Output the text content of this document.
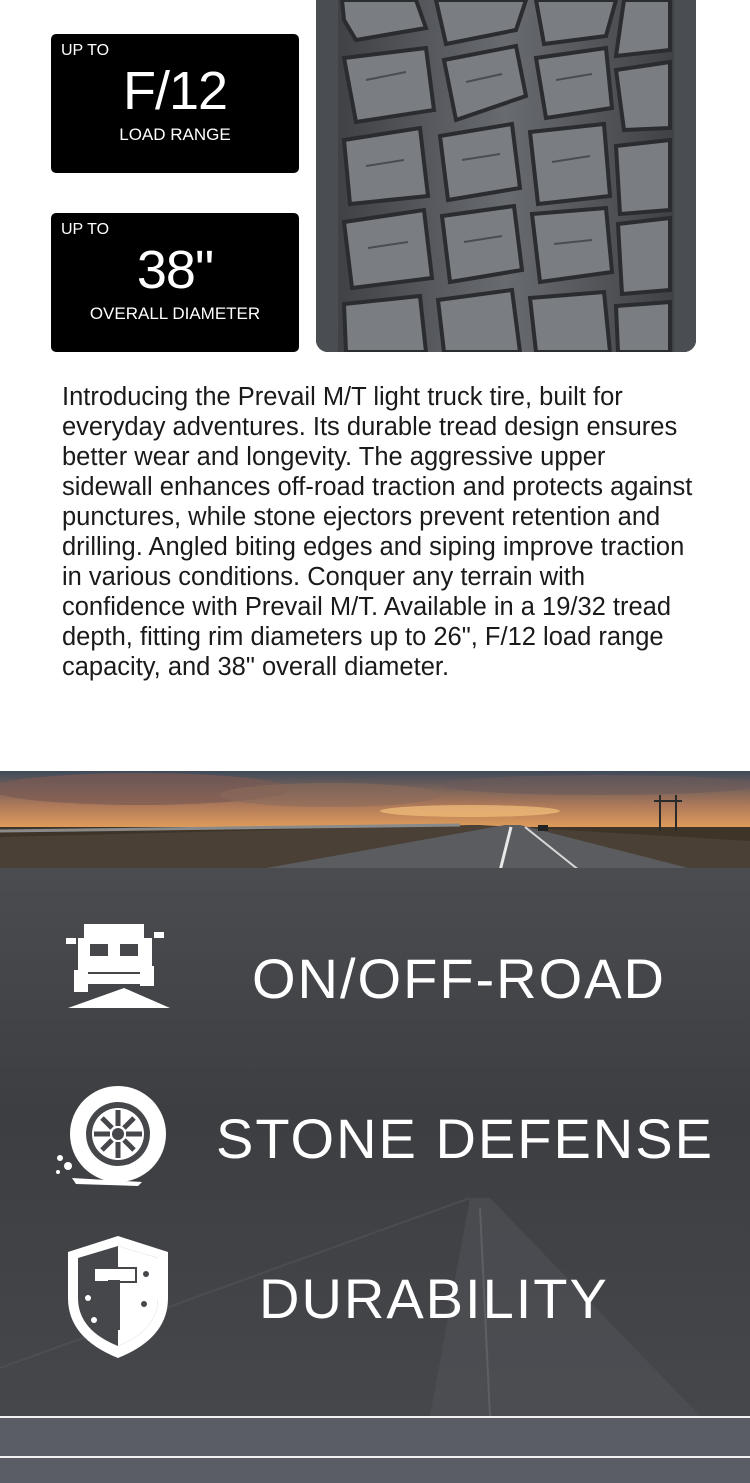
UP TO
F/12
LOAD RANGE
UP TO
38"
OVERALL DIAMETER

Introducing the Prevail M/T light truck tire, built for everyday adventures. Its durable tread design ensures better wear and longevity. The aggressive upper sidewall enhances off-road traction and protects against punctures, while stone ejectors prevent retention and drilling. Angled biting edges and siping improve traction in various conditions. Conquer any terrain with confidence with Prevail M/T. Available in a 19/32 tread depth, fitting rim diameters up to 26", F/12 load range capacity, and 38" overall diameter.

ON/OFF-ROAD
STONE DEFENSE
DURABILITY
